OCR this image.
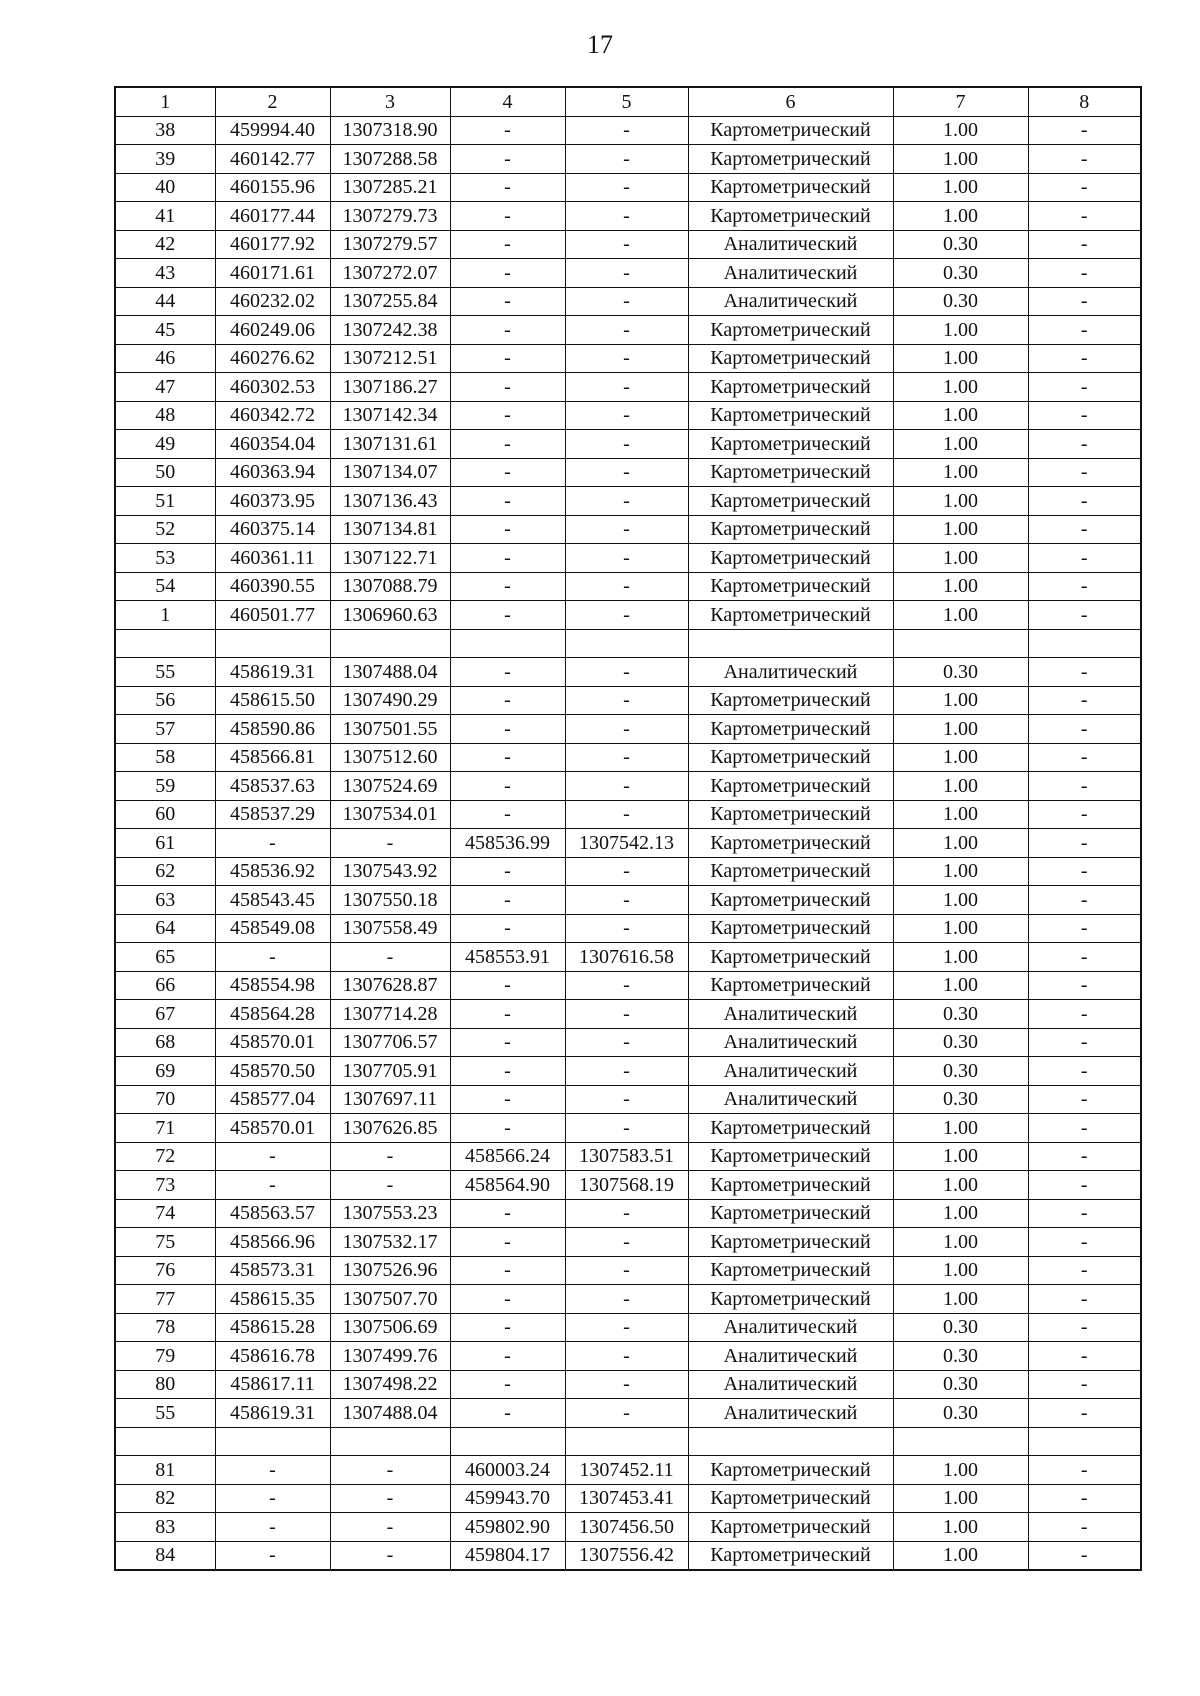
17
1	2	3	4	5	6	7	8
38	459994.40	1307318.90	-	-	Картометрический	1.00	-
39	460142.77	1307288.58	-	-	Картометрический	1.00	-
40	460155.96	1307285.21	-	-	Картометрический	1.00	-
41	460177.44	1307279.73	-	-	Картометрический	1.00	-
42	460177.92	1307279.57	-	-	Аналитический	0.30	-
43	460171.61	1307272.07	-	-	Аналитический	0.30	-
44	460232.02	1307255.84	-	-	Аналитический	0.30	-
45	460249.06	1307242.38	-	-	Картометрический	1.00	-
46	460276.62	1307212.51	-	-	Картометрический	1.00	-
47	460302.53	1307186.27	-	-	Картометрический	1.00	-
48	460342.72	1307142.34	-	-	Картометрический	1.00	-
49	460354.04	1307131.61	-	-	Картометрический	1.00	-
50	460363.94	1307134.07	-	-	Картометрический	1.00	-
51	460373.95	1307136.43	-	-	Картометрический	1.00	-
52	460375.14	1307134.81	-	-	Картометрический	1.00	-
53	460361.11	1307122.71	-	-	Картометрический	1.00	-
54	460390.55	1307088.79	-	-	Картометрический	1.00	-
1	460501.77	1306960.63	-	-	Картометрический	1.00	-

55	458619.31	1307488.04	-	-	Аналитический	0.30	-
56	458615.50	1307490.29	-	-	Картометрический	1.00	-
57	458590.86	1307501.55	-	-	Картометрический	1.00	-
58	458566.81	1307512.60	-	-	Картометрический	1.00	-
59	458537.63	1307524.69	-	-	Картометрический	1.00	-
60	458537.29	1307534.01	-	-	Картометрический	1.00	-
61	-	-	458536.99	1307542.13	Картометрический	1.00	-
62	458536.92	1307543.92	-	-	Картометрический	1.00	-
63	458543.45	1307550.18	-	-	Картометрический	1.00	-
64	458549.08	1307558.49	-	-	Картометрический	1.00	-
65	-	-	458553.91	1307616.58	Картометрический	1.00	-
66	458554.98	1307628.87	-	-	Картометрический	1.00	-
67	458564.28	1307714.28	-	-	Аналитический	0.30	-
68	458570.01	1307706.57	-	-	Аналитический	0.30	-
69	458570.50	1307705.91	-	-	Аналитический	0.30	-
70	458577.04	1307697.11	-	-	Аналитический	0.30	-
71	458570.01	1307626.85	-	-	Картометрический	1.00	-
72	-	-	458566.24	1307583.51	Картометрический	1.00	-
73	-	-	458564.90	1307568.19	Картометрический	1.00	-
74	458563.57	1307553.23	-	-	Картометрический	1.00	-
75	458566.96	1307532.17	-	-	Картометрический	1.00	-
76	458573.31	1307526.96	-	-	Картометрический	1.00	-
77	458615.35	1307507.70	-	-	Картометрический	1.00	-
78	458615.28	1307506.69	-	-	Аналитический	0.30	-
79	458616.78	1307499.76	-	-	Аналитический	0.30	-
80	458617.11	1307498.22	-	-	Аналитический	0.30	-
55	458619.31	1307488.04	-	-	Аналитический	0.30	-

81	-	-	460003.24	1307452.11	Картометрический	1.00	-
82	-	-	459943.70	1307453.41	Картометрический	1.00	-
83	-	-	459802.90	1307456.50	Картометрический	1.00	-
84	-	-	459804.17	1307556.42	Картометрический	1.00	-
